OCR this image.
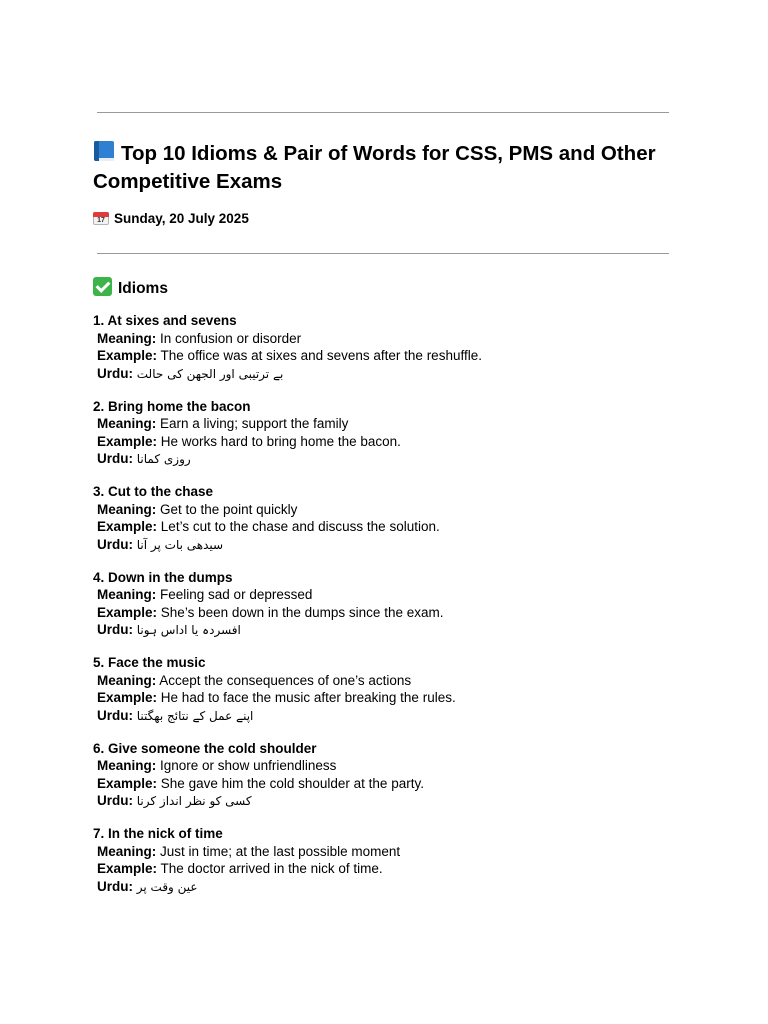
Top 10 Idioms & Pair of Words for CSS, PMS and Other Competitive Exams
17 Sunday, 20 July 2025
Idioms
1. At sixes and sevens
Meaning: In confusion or disorder
Example: The office was at sixes and sevens after the reshuffle.
Urdu: بے ترتیبی اور الجھن کی حالت
2. Bring home the bacon
Meaning: Earn a living; support the family
Example: He works hard to bring home the bacon.
Urdu: روزی کمانا
3. Cut to the chase
Meaning: Get to the point quickly
Example: Let’s cut to the chase and discuss the solution.
Urdu: سیدھی بات پر آنا
4. Down in the dumps
Meaning: Feeling sad or depressed
Example: She’s been down in the dumps since the exam.
Urdu: افسردہ یا اداس ہونا
5. Face the music
Meaning: Accept the consequences of one’s actions
Example: He had to face the music after breaking the rules.
Urdu: اپنے عمل کے نتائج بھگتنا
6. Give someone the cold shoulder
Meaning: Ignore or show unfriendliness
Example: She gave him the cold shoulder at the party.
Urdu: کسی کو نظر انداز کرنا
7. In the nick of time
Meaning: Just in time; at the last possible moment
Example: The doctor arrived in the nick of time.
Urdu: عین وقت پر
